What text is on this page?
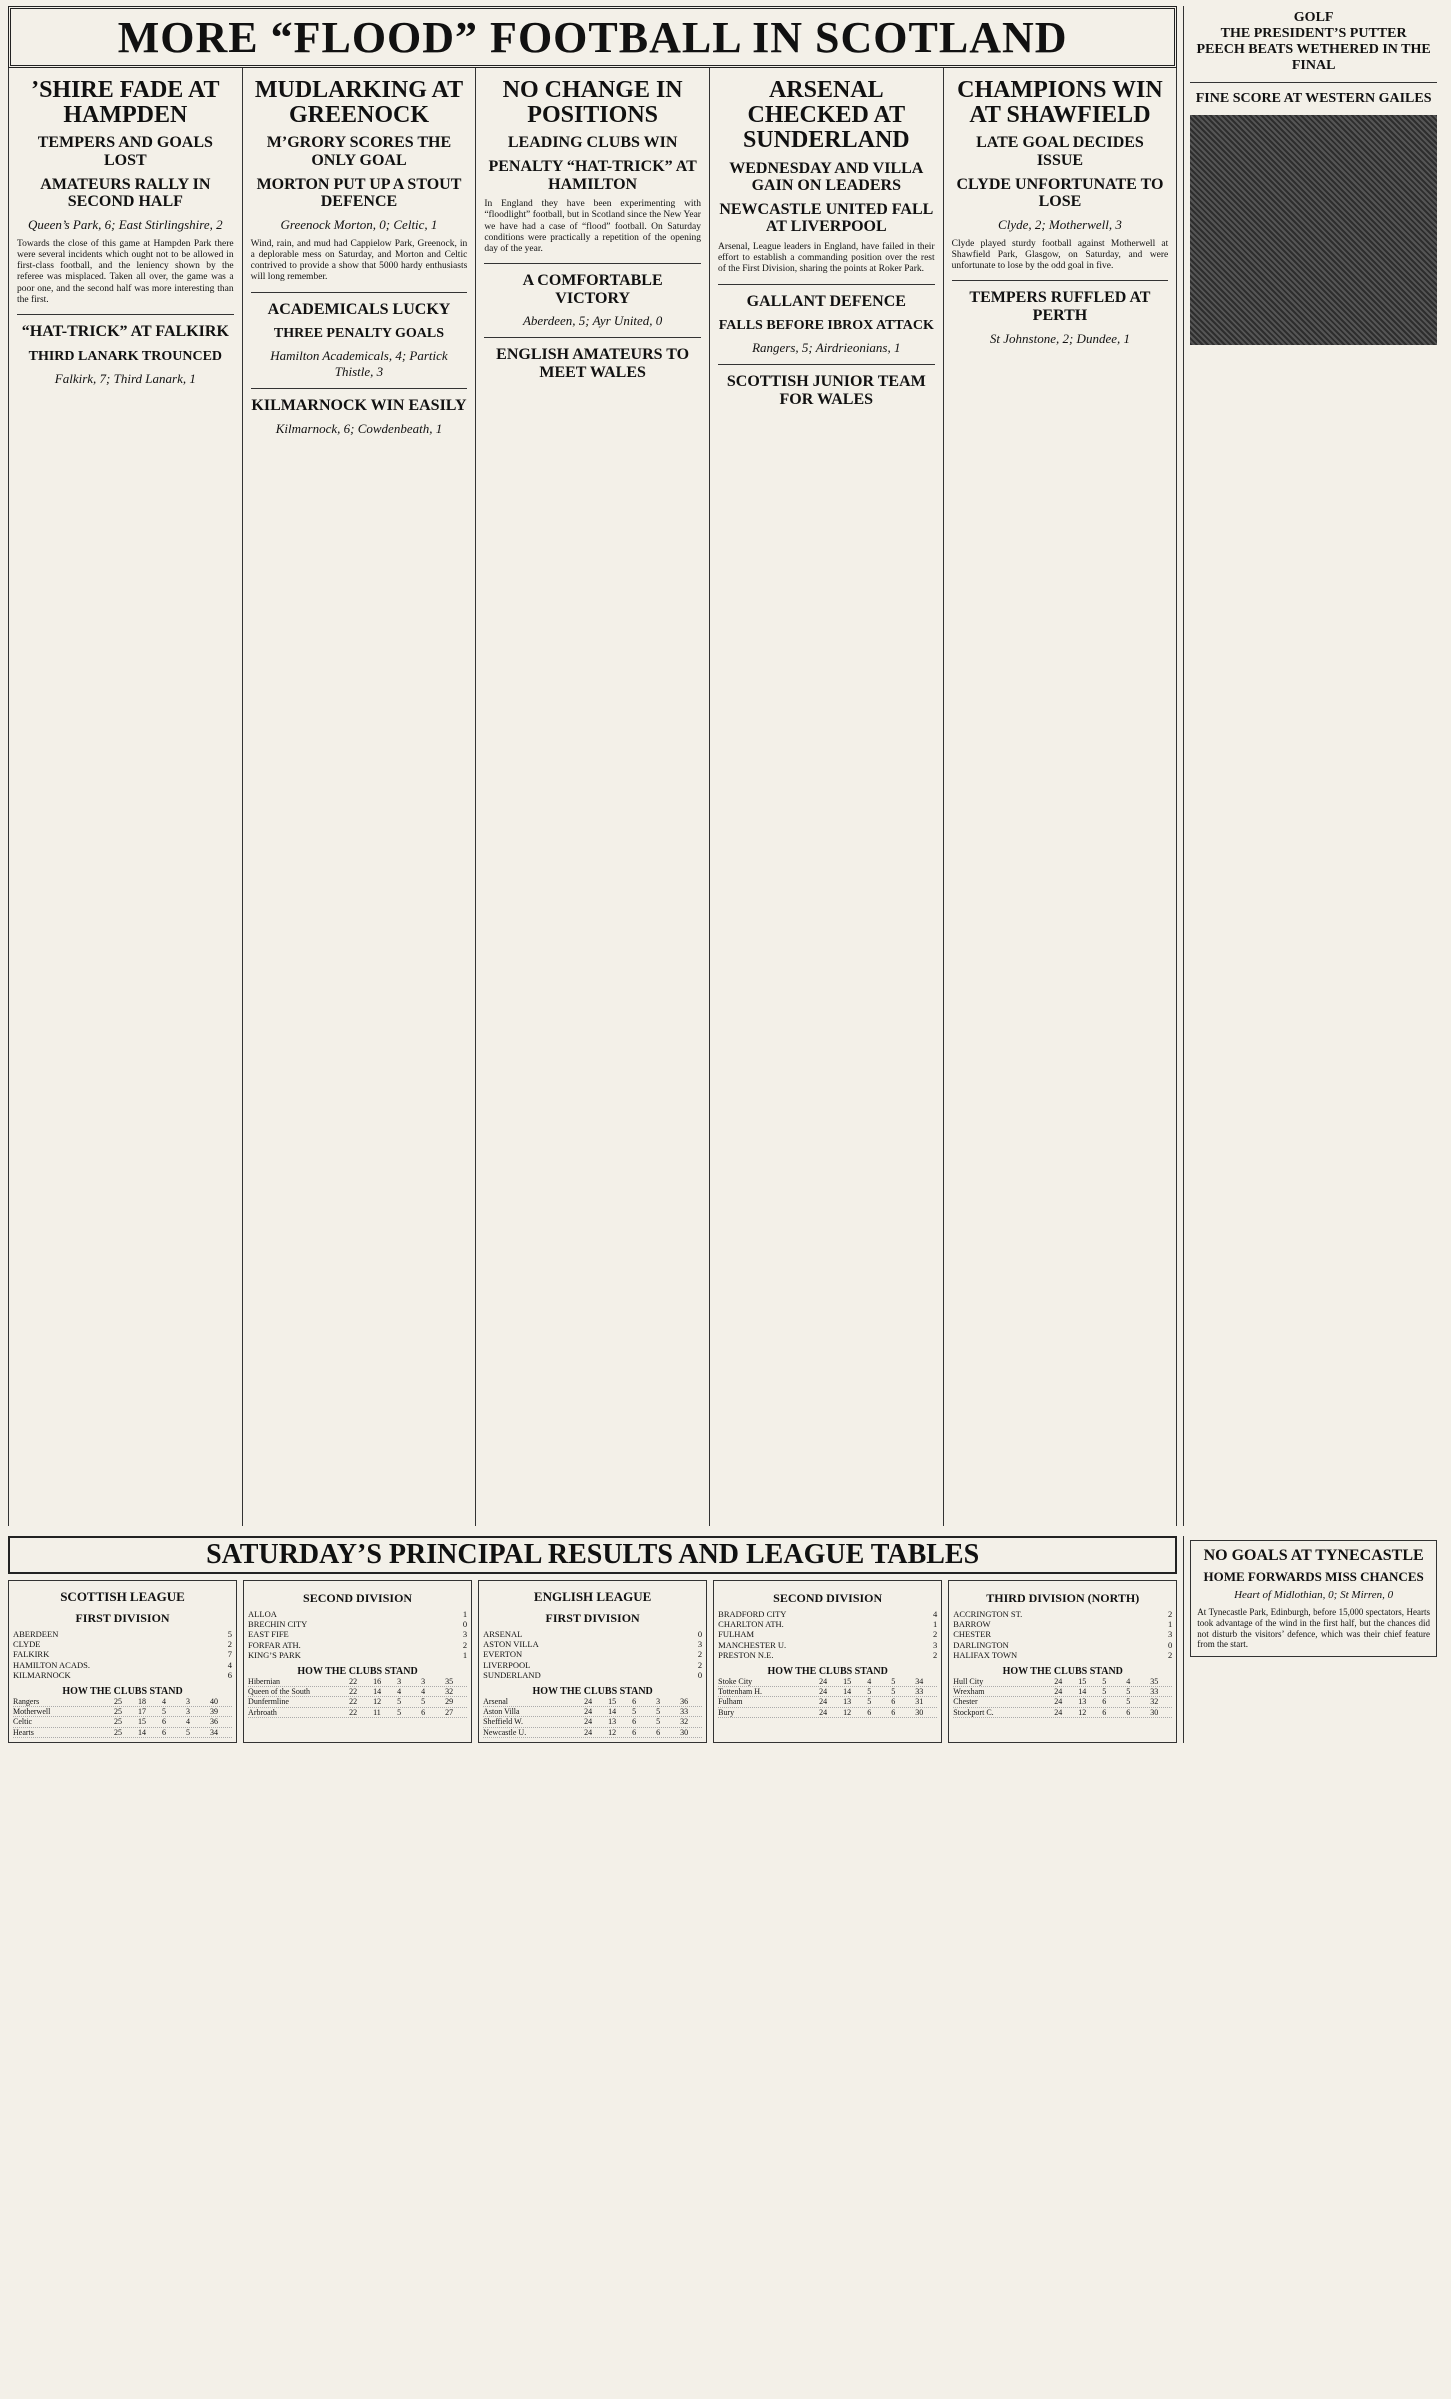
MORE “FLOOD” FOOTBALL IN SCOTLAND
’SHIRE FADE AT HAMPDEN
TEMPERS AND GOALS LOST
AMATEURS RALLY IN SECOND HALF
Queen’s Park, 6; East Stirlingshire, 2

Towards the close of this game at Hampden Park there were several incidents which ought not to be allowed in first-class football, and the leniency shown by the referee was misplaced. Taken all over, the game was a poor one, and the second half was more interesting than the first.

“HAT-TRICK” AT FALKIRK
THIRD LANARK TROUNCED
Falkirk, 7; Third Lanark, 1
MUDLARKING AT GREENOCK
M’GRORY SCORES THE ONLY GOAL
MORTON PUT UP A STOUT DEFENCE
Greenock Morton, 0; Celtic, 1

Wind, rain, and mud had Cappielow Park, Greenock, in a deplorable mess on Saturday, and Morton and Celtic contrived to provide a show that 5000 hardy enthusiasts will long remember.

ACADEMICALS LUCKY
THREE PENALTY GOALS
Hamilton Academicals, 4; Partick Thistle, 3
KILMARNOCK WIN EASILY
Kilmarnock, 6; Cowdenbeath, 1
NO CHANGE IN POSITIONS
LEADING CLUBS WIN
PENALTY “HAT-TRICK” AT HAMILTON

In England they have been experimenting with “floodlight” football, but in Scotland since the New Year we have had a case of “flood” football. On Saturday conditions were practically a repetition of the opening day of the year.

A COMFORTABLE VICTORY
Aberdeen, 5; Ayr United, 0
ENGLISH AMATEURS TO MEET WALES
ARSENAL CHECKED AT SUNDERLAND
WEDNESDAY AND VILLA GAIN ON LEADERS
NEWCASTLE UNITED FALL AT LIVERPOOL

Arsenal, League leaders in England, have failed in their effort to establish a commanding position over the rest of the First Division, sharing the points at Roker Park.

GALLANT DEFENCE
FALLS BEFORE IBROX ATTACK
Rangers, 5; Airdrieonians, 1
SCOTTISH JUNIOR TEAM FOR WALES
CHAMPIONS WIN AT SHAWFIELD
LATE GOAL DECIDES ISSUE
CLYDE UNFORTUNATE TO LOSE
Clyde, 2; Motherwell, 3

Clyde played sturdy football against Motherwell at Shawfield Park, Glasgow, on Saturday, and were unfortunate to lose by the odd goal in five.

TEMPERS RUFFLED AT PERTH
St Johnstone, 2; Dundee, 1
GOLF
THE PRESIDENT’S PUTTER
PEECH BEATS WETHERED IN THE FINAL
FINE SCORE AT WESTERN GAILES
SATURDAY’S PRINCIPAL RESULTS AND LEAGUE TABLES
SCOTTISH LEAGUE
FIRST DIVISION
ABERDEEN	5
CLYDE	2
FALKIRK	7
HAMILTON ACADS.	4
KILMARNOCK	6
HOW THE CLUBS STAND
Rangers	25	18	4	3	40
Motherwell	25	17	5	3	39
Celtic	25	15	6	4	36
Hearts	25	14	6	5	34
SECOND DIVISION
ALLOA	1
BRECHIN CITY	0
EAST FIFE	3
FORFAR ATH.	2
KING’S PARK	1
HOW THE CLUBS STAND
Hibernian	22	16	3	3	35
Queen of the South	22	14	4	4	32
Dunfermline	22	12	5	5	29
Arbroath	22	11	5	6	27
ENGLISH LEAGUE
FIRST DIVISION
ARSENAL	0
ASTON VILLA	3
EVERTON	2
LIVERPOOL	2
SUNDERLAND	0
HOW THE CLUBS STAND
Arsenal	24	15	6	3	36
Aston Villa	24	14	5	5	33
Sheffield W.	24	13	6	5	32
Newcastle U.	24	12	6	6	30
SECOND DIVISION
BRADFORD CITY	4
CHARLTON ATH.	1
FULHAM	2
MANCHESTER U.	3
PRESTON N.E.	2
HOW THE CLUBS STAND
Stoke City	24	15	4	5	34
Tottenham H.	24	14	5	5	33
Fulham	24	13	5	6	31
Bury	24	12	6	6	30
THIRD DIVISION (NORTH)
ACCRINGTON ST.	2
BARROW	1
CHESTER	3
DARLINGTON	0
HALIFAX TOWN	2
HOW THE CLUBS STAND
Hull City	24	15	5	4	35
Wrexham	24	14	5	5	33
Chester	24	13	6	5	32
Stockport C.	24	12	6	6	30
NO GOALS AT TYNECASTLE
HOME FORWARDS MISS CHANCES
Heart of Midlothian, 0; St Mirren, 0
At Tynecastle Park, Edinburgh, before 15,000 spectators, Hearts took advantage of the wind in the first half, but the chances did not disturb the visitors’ defence, which was their chief feature from the start.
